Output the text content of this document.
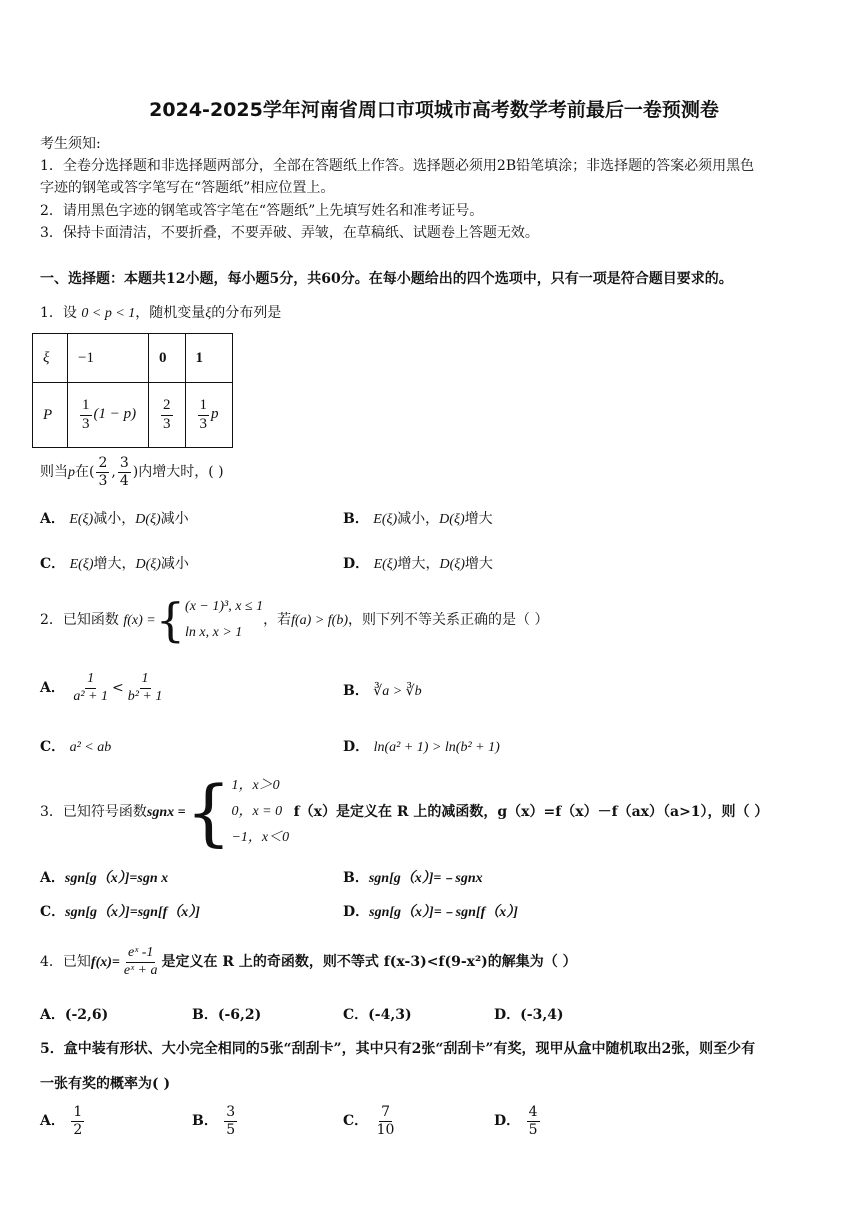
2024-2025学年河南省周口市项城市高考数学考前最后一卷预测卷
考生须知:
1．全卷分选择题和非选择题两部分，全部在答题纸上作答。选择题必须用2B铅笔填涂；非选择题的答案必须用黑色
字迹的钢笔或答字笔写在“答题纸”相应位置上。
2．请用黑色字迹的钢笔或答字笔在“答题纸”上先填写姓名和准考证号。
3．保持卡面清洁，不要折叠，不要弄破、弄皱，在草稿纸、试题卷上答题无效。
一、选择题：本题共12小题，每小题5分，共60分。在每小题给出的四个选项中，只有一项是符合题目要求的。
1．设 0 < p < 1，随机变量ξ的分布列是
ξ	−1	0	1
P	$\frac{1}{3} (1 - p)$	$\frac{2}{3}$	$\frac{1}{3}$ p
则当p在( $\frac{2}{3}$ , $\frac{3}{4}$ )内增大时，( )
A． E(ξ)减小，D(ξ)减小	B． E(ξ)减小，D(ξ)增大
C． E(ξ)增大，D(ξ)减小	D． E(ξ)增大，D(ξ)增大
2．已知函数 f(x) ={ (x − 1)³, x ≤ 1
ln x, x > 1
，若f(a) > f(b)，则下列不等关系正确的是（ ）
A． $\frac{1}{\text{a² + 1}} < \frac{1}{\text{b² + 1}}$	B． ∛a > ∛b
C． a² < ab	D． ln(a² + 1) > ln(b² + 1)
3．已知符号函数sgnx ={ 1，x＞0
0，x = 0
−1，x＜0
f（x）是定义在 R 上的减函数，g（x）=f（x）－f（ax）（a>1），则（ ）
A．sgn[g（x）]=sgn x	B．sgn[g（x）]=﹣sgnx
C．sgn[g（x）]=sgn[f（x）]	D．sgn[g（x）]=﹣sgn[f（x）]
4．已知$f(x)= \frac{\text{eˣ -1}}{\text{eˣ + a}}$ 是定义在 R 上的奇函数，则不等式 f(x-3)<f(9-x²)的解集为（ ）
A．(-2,6)	B．(-6,2)	C．(-4,3)	D．(-3,4)
5．盒中装有形状、大小完全相同的5张“刮刮卡”，其中只有2张“刮刮卡”有奖，现甲从盒中随机取出2张，则至少有
一张有奖的概率为( )
A． $\frac{1}{2}$	B． $\frac{3}{5}$	C． $\frac{7}{10}$	D． $\frac{4}{5}$
